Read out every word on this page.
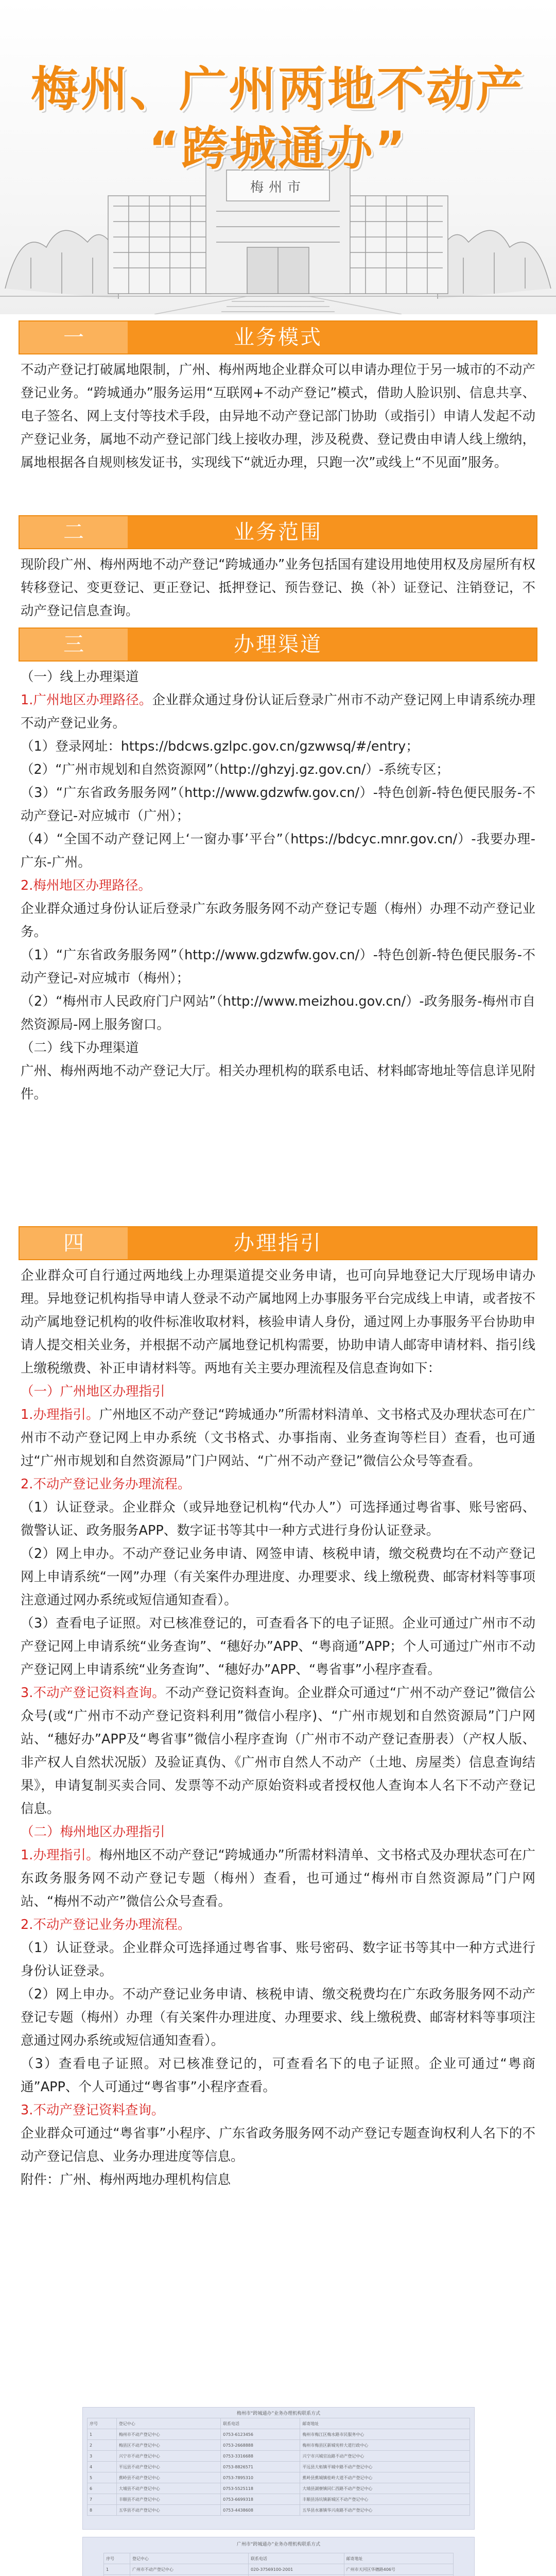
梅州市
梅州、广州两地不动产
“跨城通办”
一	业务模式

不动产登记打破属地限制，广州、梅州两地企业群众可以申请办理位于另一城市的不动产登记业务。“跨城通办”服务运用“互联网+不动产登记”模式，借助人脸识别、信息共享、电子签名、网上支付等技术手段，由异地不动产登记部门协助（或指引）申请人发起不动产登记业务，属地不动产登记部门线上接收办理，涉及税费、登记费由申请人线上缴纳，属地根据各自规则核发证书，实现线下“就近办理，只跑一次”或线上“不见面”服务。

二	业务范围

现阶段广州、梅州两地不动产登记“跨城通办”业务包括国有建设用地使用权及房屋所有权转移登记、变更登记、更正登记、抵押登记、预告登记、换（补）证登记、注销登记，不动产登记信息查询。

三	办理渠道

（一）线上办理渠道

1.广州地区办理路径。企业群众通过身份认证后登录广州市不动产登记网上申请系统办理不动产登记业务。

（1）登录网址：https://bdcws.gzlpc.gov.cn/gzwwsq/#/entry；

（2）“广州市规划和自然资源网”（http://ghzyj.gz.gov.cn/）-系统专区；

（3）“广东省政务服务网”（http://www.gdzwfw.gov.cn/）-特色创新-特色便民服务-不动产登记-对应城市（广州）；

（4）“全国不动产登记网上‘一窗办事’平台”（https://bdcyc.mnr.gov.cn/）-我要办理-广东-广州。

2.梅州地区办理路径。

企业群众通过身份认证后登录广东政务服务网不动产登记专题（梅州）办理不动产登记业务。

（1）“广东省政务服务网”（http://www.gdzwfw.gov.cn/）-特色创新-特色便民服务-不动产登记-对应城市（梅州）；

（2）“梅州市人民政府门户网站”（http://www.meizhou.gov.cn/）-政务服务-梅州市自然资源局-网上服务窗口。

（二）线下办理渠道

广州、梅州两地不动产登记大厅。相关办理机构的联系电话、材料邮寄地址等信息详见附件。

四	办理指引

企业群众可自行通过两地线上办理渠道提交业务申请，也可向异地登记大厅现场申请办理。异地登记机构指导申请人登录不动产属地网上办事服务平台完成线上申请，或者按不动产属地登记机构的收件标准收取材料，核验申请人身份，通过网上办事服务平台协助申请人提交相关业务，并根据不动产属地登记机构需要，协助申请人邮寄申请材料、指引线上缴税缴费、补正申请材料等。两地有关主要办理流程及信息查询如下：

（一）广州地区办理指引

1.办理指引。广州地区不动产登记“跨城通办”所需材料清单、文书格式及办理状态可在广州市不动产登记网上申办系统（文书格式、办事指南、业务查询等栏目）查看，也可通过“广州市规划和自然资源局”门户网站、“广州不动产登记”微信公众号等查看。

2.不动产登记业务办理流程。

（1）认证登录。企业群众（或异地登记机构“代办人”）可选择通过粤省事、账号密码、微警认证、政务服务APP、数字证书等其中一种方式进行身份认证登录。

（2）网上申办。不动产登记业务申请、网签申请、核税申请，缴交税费均在不动产登记网上申请系统“一网”办理（有关案件办理进度、办理要求、线上缴税费、邮寄材料等事项注意通过网办系统或短信通知查看）。

（3）查看电子证照。对已核准登记的，可查看各下的电子证照。企业可通过广州市不动产登记网上申请系统“业务查询”、“穗好办”APP、“粤商通”APP；个人可通过广州市不动产登记网上申请系统“业务查询”、“穗好办”APP、“粤省事”小程序查看。

3.不动产登记资料查询。不动产登记资料查询。企业群众可通过“广州不动产登记”微信公众号(或“广州市不动产登记资料利用”微信小程序)、“广州市规划和自然资源局”门户网站、“穗好办”APP及“粤省事”微信小程序查询（广州市不动产登记查册表）（产权人版、非产权人自然状况版）及验证真伪、《广州市自然人不动产（土地、房屋类）信息查询结果》，申请复制买卖合同、发票等不动产原始资料或者授权他人查询本人名下不动产登记信息。

（二）梅州地区办理指引

1.办理指引。梅州地区不动产登记“跨城通办”所需材料清单、文书格式及办理状态可在广东政务服务网不动产登记专题（梅州）查看，也可通过“梅州市自然资源局”门户网站、“梅州不动产”微信公众号查看。

2.不动产登记业务办理流程。

（1）认证登录。企业群众可选择通过粤省事、账号密码、数字证书等其中一种方式进行身份认证登录。

（2）网上申办。不动产登记业务申请、核税申请、缴交税费均在广东政务服务网不动产登记专题（梅州）办理（有关案件办理进度、办理要求、线上缴税费、邮寄材料等事项注意通过网办系统或短信通知查看）。

（3）查看电子证照。对已核准登记的，可查看名下的电子证照。企业可通过“粤商通”APP、个人可通过“粤省事”小程序查看。

3.不动产登记资料查询。

企业群众可通过“粤省事”小程序、广东省政务服务网不动产登记专题查询权利人名下的不动产登记信息、业务办理进度等信息。

附件：广州、梅州两地办理机构信息

梅州市“跨城通办”业务办理机构联系方式
序号	登记中心	联系电话	邮寄地址
1	梅州市不动产登记中心	0753-6123456	梅州市梅江区梅水路市民服务中心
2	梅县区不动产登记中心	0753-2668888	梅州市梅县区新城宪梓大道行政中心
3	兴宁市不动产登记中心	0753-3316688	兴宁市兴城官汕路不动产登记中心
4	平远县不动产登记中心	0753-8826571	平远县大柘镇平城中路不动产登记中心
5	蕉岭县不动产登记中心	0753-7895310	蕉岭县蕉城镇桂岭大道不动产登记中心
6	大埔县不动产登记中心	0753-5525118	大埔县湖寮镇同仁西路不动产登记中心
7	丰顺县不动产登记中心	0753-6699318	丰顺县汤坑镇新城区不动产登记中心
8	五华县不动产登记中心	0753-4438608	五华县水寨镇华兴南路不动产登记中心
广州市“跨城通办”业务办理机构联系方式
序号	登记中心	联系电话	邮寄地址
1	广州市不动产登记中心	020-37569100-2001	广州市天河区华穗路406号
